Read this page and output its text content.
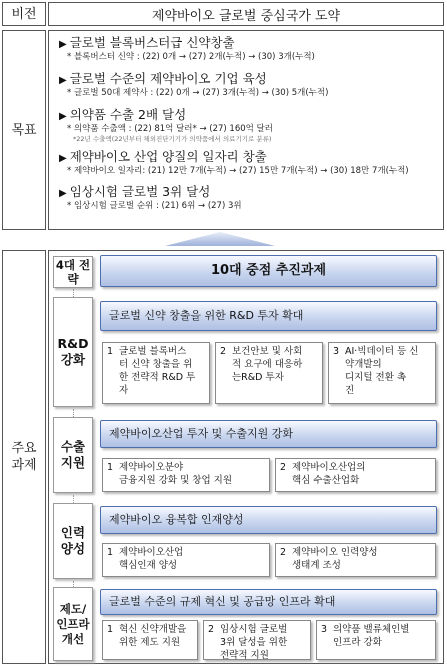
비전	제약바이오 글로벌 중심국가 도약
목표
▶ 글로벌 블록버스터급 신약창출
* 블록버스터 신약 : (22) 0개 → (27) 2개(누적) → (30) 3개(누적)
▶ 글로벌 수준의 제약바이오 기업 육성
* 글로벌 50대 제약사 : (22) 0개 → (27) 3개(누적) → (30) 5개(누적)
▶ 의약품 수출 2배 달성
* 의약품 수출액 : (22) 81억 달러* → (27) 160억 달러
*22년 수출액(22년부터 체외진단기기가 의약품에서 의료기기로 분류)
▶ 제약바이오 산업 양질의 일자리 창출
* 제약바이오 일자리: (21) 12만 7개(누적) → (27) 15만 7개(누적) → (30) 18만 7개(누적)
▶ 임상시험 글로벌 3위 달성
* 임상시험 글로벌 순위 : (21) 6위 → (27) 3위
주요
과제
4대 전략
10대 중점 추진과제
R&D
강화
글로벌 신약 창출을 위한 R&D 투자 확대
1 글로벌 블록버스
터 신약 창출을 위
한 전략적 R&D 투
자
2 보건안보 및 사회
적 요구에 대응하
는R&D 투자
3 AI·빅데이터 등 신
약개발의
디지털 전환 촉
진
수출
지원
제약바이오산업 투자 및 수출지원 강화
1 제약바이오분야
금융지원 강화 및 창업 지원
2 제약바이오산업의
핵심 수출산업화
인력
양성
제약바이오 융복합 인재양성
1 제약바이오산업
핵심인재 양성
2 제약바이오 인력양성
생태계 조성
제도/
인프라
개선
글로벌 수준의 규제 혁신 및 공급망 인프라 확대
1 혁신 신약개발을
위한 제도 지원
2 임상시험 글로벌
3위 달성을 위한
전략적 지원
3 의약품 밸류체인별
인프라 강화
